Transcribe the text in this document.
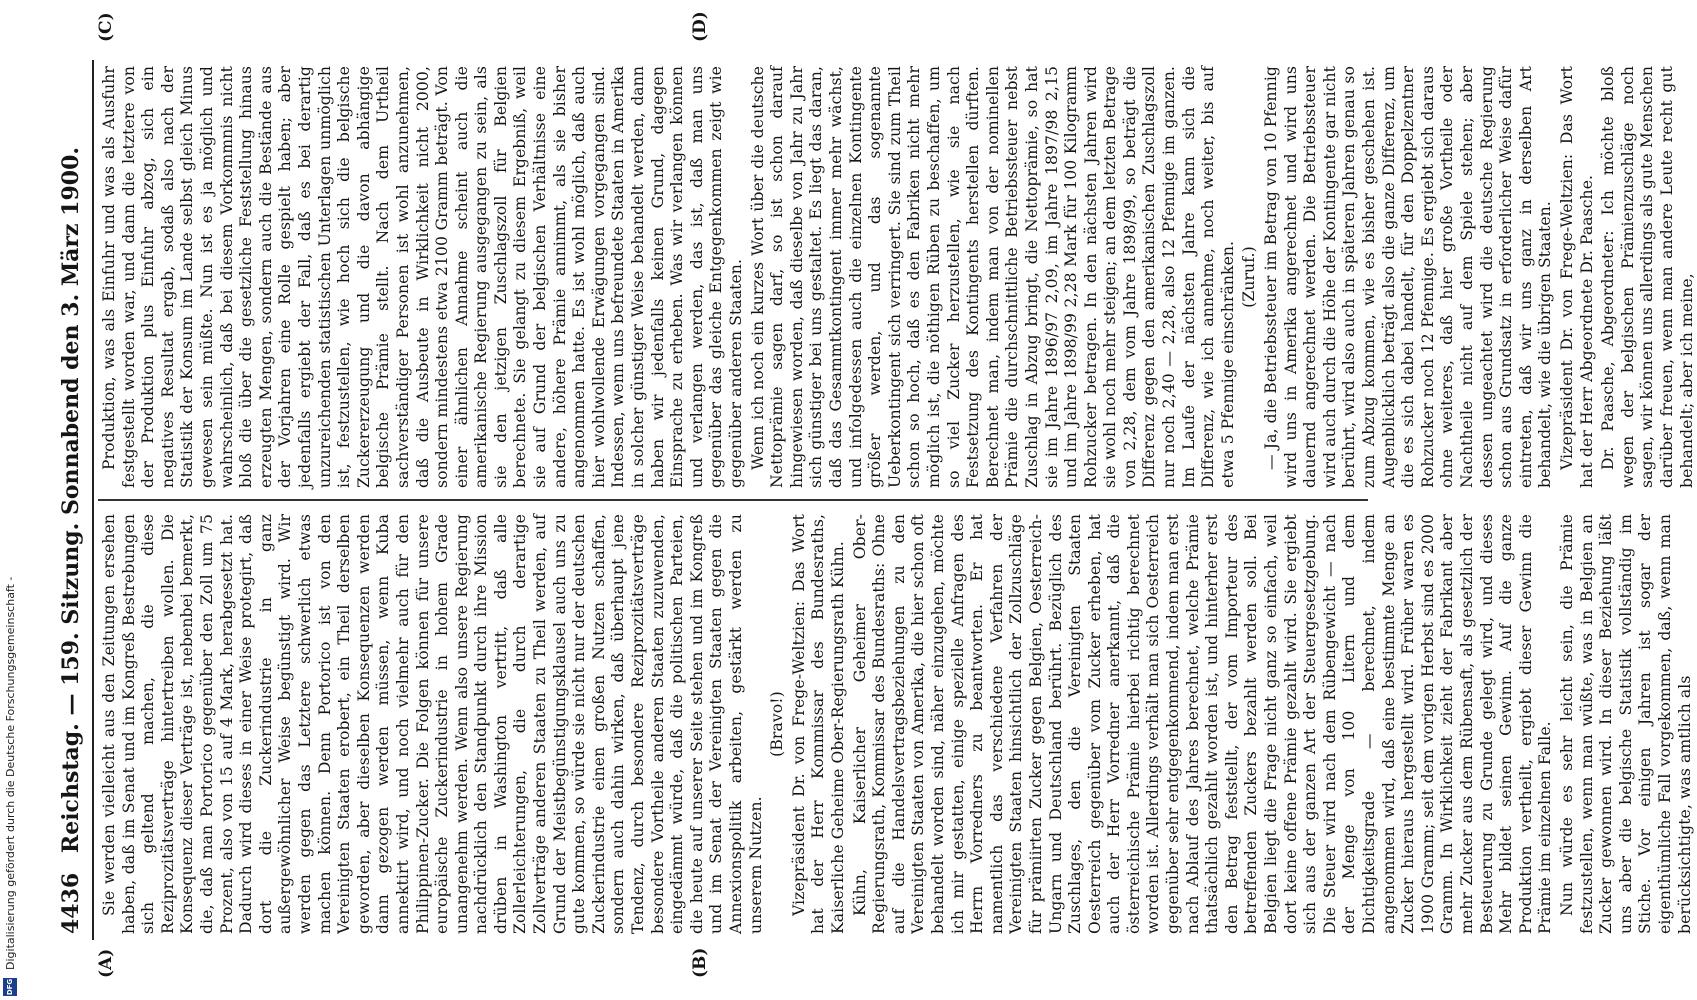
4436
Reichstag. — 159. Sitzung. Sonnabend den 3. März 1900.
(A)	(B)
(C)	(D)

Sie werden vielleicht aus den Zeitungen ersehen haben, daß im Senat und im Kongreß Bestrebungen sich geltend machen, die diese Reziprozitätsverträge hintertreiben wollen. Die Konsequenz dieser Verträge ist, nebenbei bemerkt, die, daß man Portorico gegenüber den Zoll um 75 Prozent, also von 15 auf 4 Mark, herabgesetzt hat. Dadurch wird dieses in einer Weise protegirt, daß dort die Zuckerindustrie in ganz außergewöhnlicher Weise begünstigt wird. Wir werden gegen das Letztere schwerlich etwas machen können. Denn Portorico ist von den Vereinigten Staaten erobert, ein Theil derselben geworden, aber dieselben Konsequenzen werden dann gezogen werden müssen, wenn Kuba annektirt wird, und noch vielmehr auch für den Philippinen-Zucker. Die Folgen können für unsere europäische Zuckerindustrie in hohem Grade unangenehm werden. Wenn also unsere Regierung nachdrücklich den Standpunkt durch ihre Mission drüben in Washington vertritt, daß alle Zollerleichterungen, die durch derartige Zollverträge anderen Staaten zu Theil werden, auf Grund der Meistbegünstigungsklausel auch uns zu gute kommen, so würde sie nicht nur der deutschen Zuckerindustrie einen großen Nutzen schaffen, sondern auch dahin wirken, daß überhaupt jene Tendenz, durch besondere Reziprozitätsverträge besondere Vortheile anderen Staaten zuzuwenden, eingedämmt würde, daß die politischen Parteien, die heute auf unserer Seite stehen und im Kongreß und im Senat der Vereinigten Staaten gegen die Annexionspolitik arbeiten, gestärkt werden zu unserem Nutzen.

(Bravo!) Vizepräsident Dr. von Frege-Weltzien: Das Wort hat der Herr Kommissar des Bundesraths, Kaiserliche Geheime Ober-Regierungsrath Kühn. Kühn, Kaiserlicher Geheimer Ober-Regierungsrath, Kommissar des Bundesraths: Ohne auf die Handelsvertragsbeziehungen zu den Vereinigten Staaten von Amerika, die hier schon oft behandelt worden sind, näher einzugehen, möchte ich mir gestatten, einige spezielle Anfragen des Herrn Vorredners zu beantworten. Er hat namentlich das verschiedene Verfahren der Vereinigten Staaten hinsichtlich der Zollzuschläge für prämiirten Zucker gegen Belgien, Oesterreich-Ungarn und Deutschland berührt. Bezüglich des Zuschlages, den die Vereinigten Staaten Oesterreich gegenüber vom Zucker erheben, hat auch der Herr Vorredner anerkannt, daß die österreichische Prämie hierbei richtig berechnet worden ist. Allerdings verhält man sich Oesterreich gegenüber sehr entgegenkommend, indem man erst nach Ablauf des Jahres berechnet, welche Prämie thatsächlich gezahlt worden ist, und hinterher erst den Betrag feststellt, der vom Importeur des betreffenden Zuckers bezahlt werden soll. Bei Belgien liegt die Frage nicht ganz so einfach, weil dort keine offene Prämie gezahlt wird. Sie ergiebt sich aus der ganzen Art der Steuergesetzgebung. Die Steuer wird nach dem Rübengewicht — nach der Menge von 100 Litern und dem Dichtigkeitsgrade — berechnet, indem angenommen wird, daß eine bestimmte Menge an Zucker hieraus hergestellt wird. Früher waren es 1900 Gramm; seit dem vorigen Herbst sind es 2000 Gramm. In Wirklichkeit zieht der Fabrikant aber mehr Zucker aus dem Rübensaft, als gesetzlich der Besteuerung zu Grunde gelegt wird, und dieses Mehr bildet seinen Gewinn. Auf die ganze Produktion vertheilt, ergiebt dieser Gewinn die Prämie im einzelnen Falle. Nun würde es sehr leicht sein, die Prämie festzustellen, wenn man wüßte, was in Belgien an Zucker gewonnen wird. In dieser Beziehung läßt uns aber die belgische Statistik vollständig im Stiche. Vor einigen Jahren ist sogar der eigenthümliche Fall vorgekommen, daß, wenn man berücksichtigte, was amtlich als

Produktion, was als Einfuhr und was als Ausfuhr festgestellt worden war, und dann die letztere von der Produktion plus Einfuhr abzog, sich ein negatives Resultat ergab, sodaß also nach der Statistik der Konsum im Lande selbst gleich Minus gewesen sein müßte. Nun ist es ja möglich und wahrscheinlich, daß bei diesem Vorkommnis nicht bloß die über die gesetzliche Feststellung hinaus erzeugten Mengen, sondern auch die Bestände aus der Vorjahren eine Rolle gespielt haben; aber jedenfalls ergiebt der Fall, daß es bei derartig unzureichenden statistischen Unterlagen unmöglich ist, festzustellen, wie hoch sich die belgische Zuckererzeugung und die davon abhängige belgische Prämie stellt. Nach dem Urtheil sachverständiger Personen ist wohl anzunehmen, daß die Ausbeute in Wirklichkeit nicht 2000, sondern mindestens etwa 2100 Gramm beträgt. Von einer ähnlichen Annahme scheint auch die amerikanische Regierung ausgegangen zu sein, als sie den jetzigen Zuschlagszoll für Belgien berechnete. Sie gelangt zu diesem Ergebniß, weil sie auf Grund der belgischen Verhältnisse eine andere, höhere Prämie annimmt, als sie bisher angenommen hatte. Es ist wohl möglich, daß auch hier wohlwollende Erwägungen vorgegangen sind. Indessen, wenn uns befreundete Staaten in Amerika in solcher günstiger Weise behandelt werden, dann haben wir jedenfalls keinen Grund, dagegen Einsprache zu erheben. Was wir verlangen können und verlangen werden, das ist, daß man uns gegenüber das gleiche Entgegenkommen zeigt wie gegenüber anderen Staaten. Wenn ich noch ein kurzes Wort über die deutsche Nettoprämie sagen darf, so ist schon darauf hingewiesen worden, daß dieselbe von Jahr zu Jahr sich günstiger bei uns gestaltet. Es liegt das daran, daß das Gesammtkontingent immer mehr wächst, und infolgedessen auch die einzelnen Kontingente größer werden, und das sogenannte Ueberkontingent sich verringert. Sie sind zum Theil schon so hoch, daß es den Fabriken nicht mehr möglich ist, die nöthigen Rüben zu beschaffen, um so viel Zucker herzustellen, wie sie nach Festsetzung des Kontingents herstellen dürften. Berechnet man, indem man von der nominellen Prämie die durchschnittliche Betriebssteuer nebst Zuschlag in Abzug bringt, die Nettoprämie, so hat sie im Jahre 1896/97 2,09, im Jahre 1897/98 2,15 und im Jahre 1898/99 2,28 Mark für 100 Kilogramm Rohzucker betragen. In den nächsten Jahren wird sie wohl noch mehr steigen; an dem letzten Betrage von 2,28, dem vom Jahre 1898/99, so beträgt die Differenz gegen den amerikanischen Zuschlagszoll nur noch 2,40 — 2,28, also 12 Pfennige im ganzen. Im Laufe der nächsten Jahre kann sich die Differenz, wie ich annehme, noch weiter, bis auf etwa 5 Pfennige einschränken. (Zuruf.) — Ja, die Betriebssteuer im Betrag von 10 Pfennig wird uns in Amerika angerechnet und wird uns dauernd angerechnet werden. Die Betriebssteuer wird auch durch die Höhe der Kontingente gar nicht berührt, wird also auch in späteren Jahren genau so zum Abzug kommen, wie es bisher geschehen ist. Augenblicklich beträgt also die ganze Differenz, um die es sich dabei handelt, für den Doppelzentner Rohzucker noch 12 Pfennige. Es ergiebt sich daraus ohne weiteres, daß hier große Vortheile oder Nachtheile nicht auf dem Spiele stehen; aber dessen ungeachtet wird die deutsche Regierung schon aus Grundsatz in erforderlicher Weise dafür eintreten, daß wir uns ganz in derselben Art behandelt, wie die übrigen Staaten. Vizepräsident Dr. von Frege-Weltzien: Das Wort hat der Herr Abgeordnete Dr. Paasche. Dr. Paasche, Abgeordneter: Ich möchte bloß wegen der belgischen Prämienzuschläge noch sagen, wir können uns allerdings als gute Menschen darüber freuen, wenn man andere Leute recht gut behandelt; aber ich meine,

DFG
Digitalisierung gefördert durch die Deutsche Forschungsgemeinschaft -
